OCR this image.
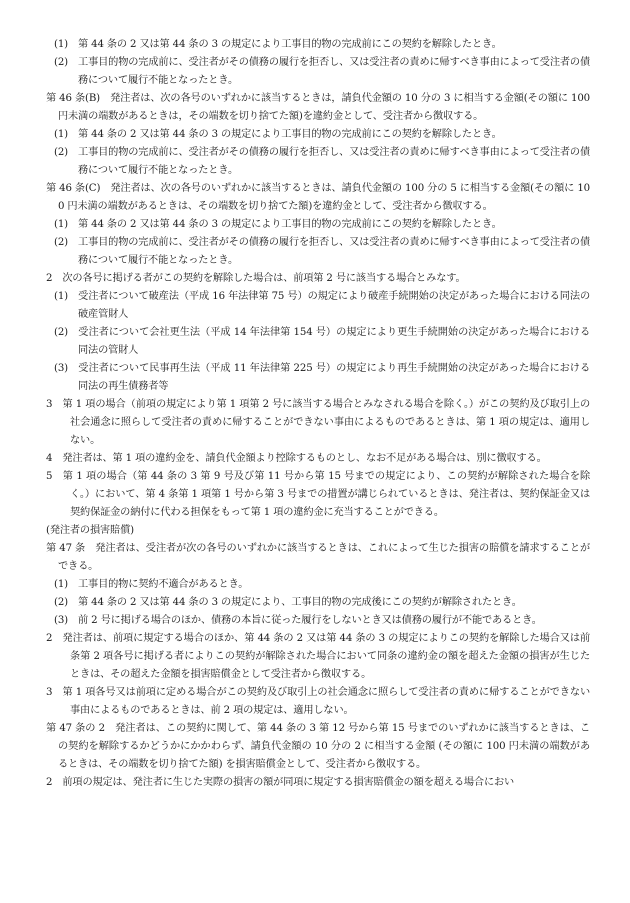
(1)　第 44 条の 2 又は第 44 条の 3 の規定により工事目的物の完成前にこの契約を解除したとき。

(2)　工事目的物の完成前に、受注者がその債務の履行を拒否し、又は受注者の責めに帰すべき事由によって受注者の債務について履行不能となったとき。

第 46 条(B)　発注者は、次の各号のいずれかに該当するときは，請負代金額の 10 分の 3 に相当する金額(その額に 100 円未満の端数があるときは，その端数を切り捨てた額)を違約金として、受注者から徴収する。

(1)　第 44 条の 2 又は第 44 条の 3 の規定により工事目的物の完成前にこの契約を解除したとき。

(2)　工事目的物の完成前に、受注者がその債務の履行を拒否し、又は受注者の責めに帰すべき事由によって受注者の債務について履行不能となったとき。

第 46 条(C)　発注者は、次の各号のいずれかに該当するときは、請負代金額の 100 分の 5 に相当する金額(その額に 100 円未満の端数があるときは、その端数を切り捨てた額)を違約金として、受注者から徴収する。

(1)　第 44 条の 2 又は第 44 条の 3 の規定により工事目的物の完成前にこの契約を解除したとき。

(2)　工事目的物の完成前に、受注者がその債務の履行を拒否し、又は受注者の責めに帰すべき事由によって受注者の債務について履行不能となったとき。

2　次の各号に掲げる者がこの契約を解除した場合は、前項第 2 号に該当する場合とみなす。

(1)　受注者について破産法（平成 16 年法律第 75 号）の規定により破産手続開始の決定があった場合における同法の破産管財人

(2)　受注者について会社更生法（平成 14 年法律第 154 号）の規定により更生手続開始の決定があった場合における同法の管財人

(3)　受注者について民事再生法（平成 11 年法律第 225 号）の規定により再生手続開始の決定があった場合における同法の再生債務者等

3　第 1 項の場合（前項の規定により第 1 項第 2 号に該当する場合とみなされる場合を除く。）がこの契約及び取引上の社会通念に照らして受注者の責めに帰することができない事由によるものであるときは、第 1 項の規定は、適用しない。

4　発注者は、第 1 項の違約金を、請負代金額より控除するものとし、なお不足がある場合は、別に徴収する。

5　第 1 項の場合（第 44 条の 3 第 9 号及び第 11 号から第 15 号までの規定により、この契約が解除された場合を除く。）において、第 4 条第 1 項第 1 号から第 3 号までの措置が講じられているときは、発注者は、契約保証金又は契約保証金の納付に代わる担保をもって第 1 項の違約金に充当することができる。

(発注者の損害賠償)

第 47 条　発注者は、受注者が次の各号のいずれかに該当するときは、これによって生じた損害の賠償を請求することができる。

(1)　工事目的物に契約不適合があるとき。

(2)　第 44 条の 2 又は第 44 条の 3 の規定により、工事目的物の完成後にこの契約が解除されたとき。

(3)　前 2 号に掲げる場合のほか、債務の本旨に従った履行をしないとき又は債務の履行が不能であるとき。

2　発注者は、前項に規定する場合のほか、第 44 条の 2 又は第 44 条の 3 の規定によりこの契約を解除した場合又は前条第 2 項各号に掲げる者によりこの契約が解除された場合において同条の違約金の額を超えた金額の損害が生じたときは、その超えた金額を損害賠償金として受注者から徴収する。

3　第 1 項各号又は前項に定める場合がこの契約及び取引上の社会通念に照らして受注者の責めに帰することができない事由によるものであるときは、前 2 項の規定は、適用しない。

第 47 条の 2　発注者は、この契約に関して、第 44 条の 3 第 12 号から第 15 号までのいずれかに該当するときは、この契約を解除するかどうかにかかわらず、請負代金額の 10 分の 2 に相当する金額 (その額に 100 円未満の端数があるときは、その端数を切り捨てた額) を損害賠償金として、受注者から徴収する。

2　前項の規定は、発注者に生じた実際の損害の額が同項に規定する損害賠償金の額を超える場合におい
